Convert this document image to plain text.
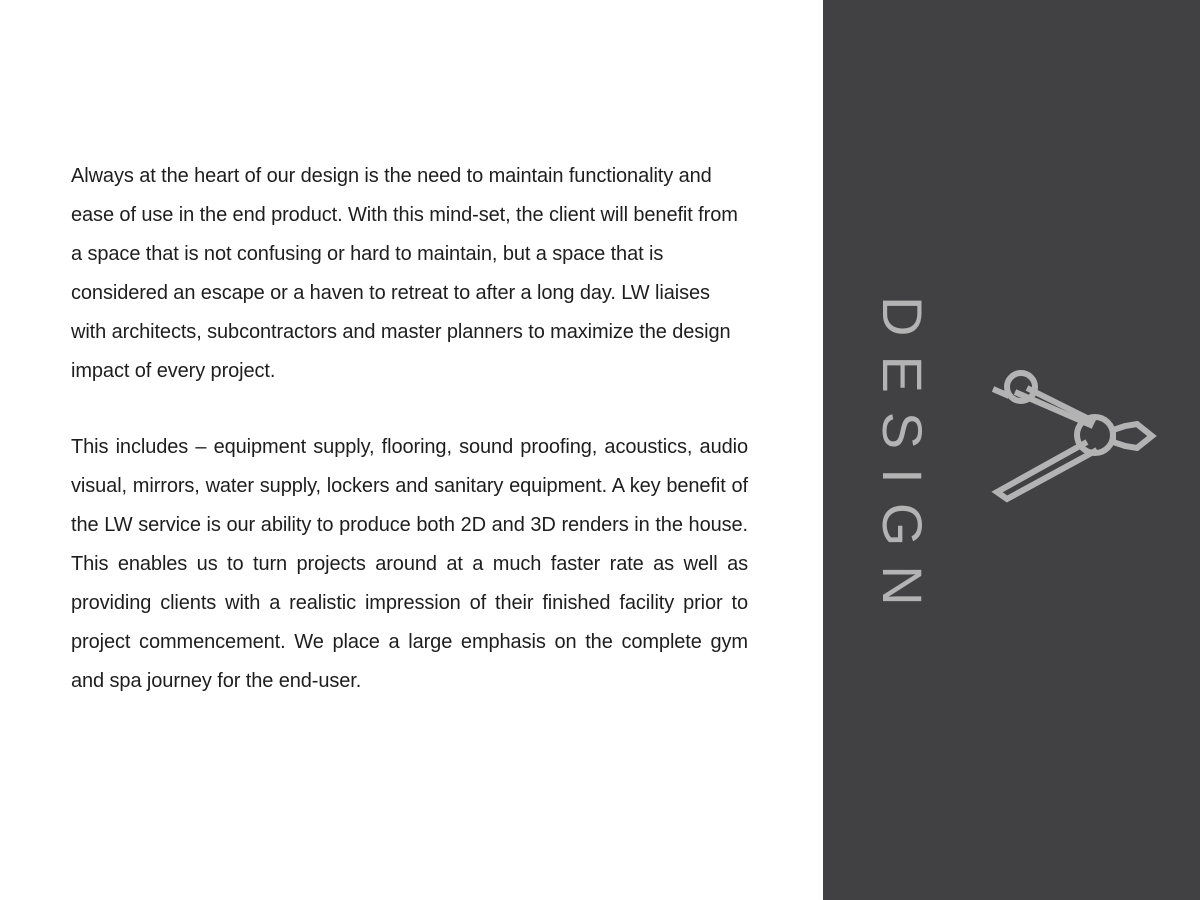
Always at the heart of our design is the need to maintain functionality and ease of use in the end product. With this mind-set, the client will benefit from a space that is not confusing or hard to maintain, but a space that is considered an escape or a haven to retreat to after a long day. LW liaises with architects, subcontractors and master planners to maximize the design impact of every project.

This includes – equipment supply, flooring, sound proofing, acoustics, audio visual, mirrors, water supply, lockers and sanitary equipment. A key benefit of the LW service is our ability to produce both 2D and 3D renders in the house. This enables us to turn projects around at a much faster rate as well as providing clients with a realistic impression of their finished facility prior to project commencement. We place a large emphasis on the complete gym and spa journey for the end-user.

DESIGN
